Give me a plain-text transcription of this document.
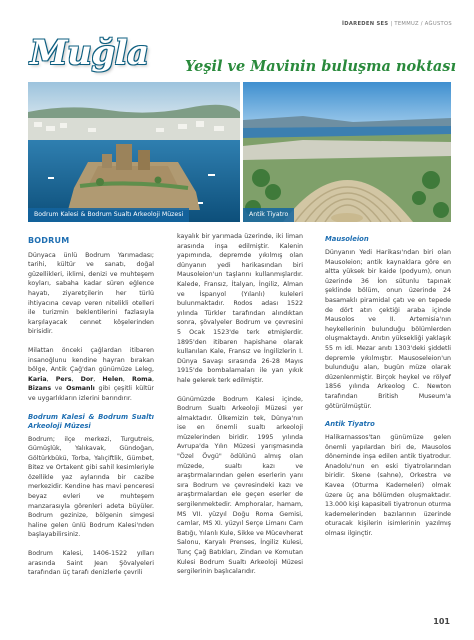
İDAREDEN SES | TEMMUZ / AĞUSTOS
Muğla	Yeşil ve Mavinin buluşma noktası
Bodrum Kalesi & Bodrum Sualtı Arkeoloji Müzesi	Antik Tiyatro
BODRUM

Dünyaca ünlü Bodrum Yarımadası; tarihi, kültür ve sanatı, doğal güzellikleri, iklimi, denizi ve muhteşem koyları, sabaha kadar süren eğlence hayatı, ziyaretçilerin her türlü ihtiyacına cevap veren nitelikli otelleri ile turizmin beklentilerini fazlasıyla karşılayacak cennet köşelerinden birisidir.

Milattan önceki çağlardan itibaren insanoğlunu kendine hayran bırakan bölge, Antik Çağ'dan günümüze Leleg, Karia, Pers, Dor, Helen, Roma, Bizans ve Osmanlı gibi çeşitli kültür ve uygarlıkların izlerini barındırır.

Bodrum Kalesi & Bodrum Sualtı Arkeoloji Müzesi

Bodrum; ilçe merkezi, Turgutreis, Gümüşlük, Yalıkavak, Gündoğan, Göltürkbükü, Torba, Yalıçiftlik, Gümbet, Bitez ve Ortakent gibi sahil kesimleriyle özellikle yaz aylarında bir cazibe merkezidir. Kendine has mavi penceresi beyaz evleri ve muhteşem manzarasıyla görenleri adeta büyüler. Bodrum gezinize, bölgenin simgesi haline gelen ünlü Bodrum Kalesi'nden başlayabilirsiniz.

Bodrum Kalesi, 1406-1522 yılları arasında Saint Jean Şövalyeleri tarafından üç tarafı denizlerle çevrili

kayalık bir yarımada üzerinde, iki liman arasında inşa edilmiştir. Kalenin yapımında, depremde yıkılmış olan dünyanın yedi harikasından biri Mausoleion'un taşlarını kullanmışlardır. Kalede, Fransız, İtalyan, İngiliz, Alman ve İspanyol (Yılanlı) kuleleri bulunmaktadır. Rodos adası 1522 yılında Türkler tarafından alındıktan sonra, şövalyeler Bodrum ve çevresini 5 Ocak 1523'de terk etmişlerdir. 1895'den itibaren hapishane olarak kullanılan Kale, Fransız ve İngilizlerin I. Dünya Savaşı sırasında 26-28 Mayıs 1915'de bombalamaları ile yarı yıkık hale gelerek terk edilmiştir.

Günümüzde Bodrum Kalesi içinde, Bodrum Sualtı Arkeoloji Müzesi yer almaktadır. Ülkemizin tek, Dünya'nın ise en önemli sualtı arkeoloji müzelerinden biridir. 1995 yılında Avrupa'da Yılın Müzesi yarışmasında "Özel Övgü" ödülünü almış olan müzede, sualtı kazı ve araştırmalarından gelen eserlerin yanı sıra Bodrum ve çevresindeki kazı ve araştırmalardan ele geçen eserler de sergilenmektedir. Amphoralar, hamam, MS VII. yüzyıl Doğu Roma Gemisi, camlar, MS XI. yüzyıl Serçe Limanı Cam Batığı, Yılanlı Kule, Sikke ve Mücevherat Salonu, Karyalı Prenses, İngiliz Kulesi, Tunç Çağ Batıkları, Zindan ve Komutan Kulesi Bodrum Sualtı Arkeoloji Müzesi sergilerinin başlıcalarıdır.

Mausoleion

Dünyanın Yedi Harikası'ndan biri olan Mausoleion; antik kaynaklara göre en altta yüksek bir kaide (podyum), onun üzerinde 36 İon sütunlu tapınak şeklinde bölüm, onun üzerinde 24 basamaklı piramidal çatı ve en tepede de dört atın çektiği araba içinde Mausolos ve II. Artemisia'nın heykellerinin bulunduğu bölümlerden oluşmaktaydı. Anıtın yüksekliği yaklaşık 55 m idi. Mezar anıtı 1303'deki şiddetli depremle yıkılmıştır. Mausoseleion'un bulunduğu alan, bugün müze olarak düzenlenmiştir. Birçok heykel ve rölyef 1856 yılında Arkeolog C. Newton tarafından British Museum'a götürülmüştür.

Antik Tiyatro

Halikarnassos'tan günümüze gelen önemli yapılardan biri de, Mausolos döneminde inşa edilen antik tiyatrodur. Anadolu'nun en eski tiyatrolarından biridir. Skene (sahne), Orkestra ve Kavea (Oturma Kademeleri) olmak üzere üç ana bölümden oluşmaktadır. 13.000 kişi kapasiteli tiyatronun oturma kademelerinden bazılarının üzerinde oturacak kişilerin isimlerinin yazılmış olması ilginçtir.

101
